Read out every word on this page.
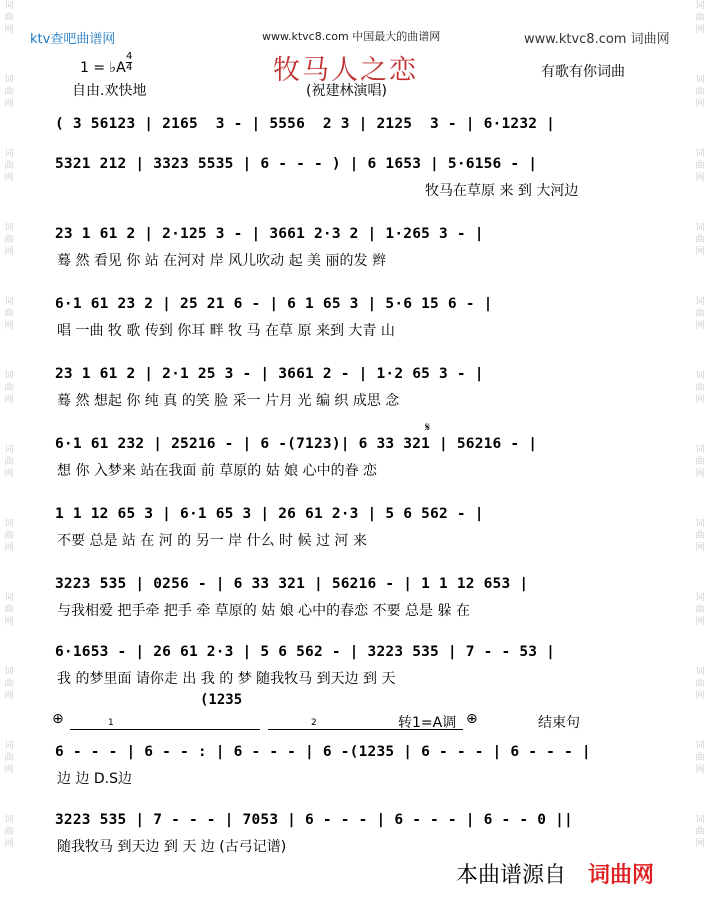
词曲网
词曲网
词曲网
词曲网
词曲网
词曲网
词曲网
词曲网
词曲网
词曲网
词曲网
词曲网
词曲网
词曲网
词曲网
词曲网
词曲网
词曲网
词曲网
词曲网
词曲网
词曲网
词曲网
词曲网
ktv查吧曲谱网	www.ktvc8.com 中国最大的曲谱网	www.ktvc8.com 词曲网
牧马人之恋
1 = ♭A
4
4
自由.欢快地	(祝建林演唱)
有歌有你词曲
( 3 56123 | 2165  3 - | 5556  2 3 | 2125  3 - | 6·1232 |
5321 212 | 3323 5535 | 6 - - - ) | 6 1653 | 5·6156 - |
牧马在草原 来 到 大河边
23 1 61 2 | 2·125 3 - | 3661 2·3 2 | 1·265 3 - |
蓦 然 看见 你 站 在河对 岸 风儿吹动 起 美 丽的发 辫
6·1 61 23 2 | 25 21 6 - | 6 1 65 3 | 5·6 15 6 - |
唱 一曲 牧 歌 传到 你耳 畔 牧 马 在草 原 来到 大青 山
23 1 61 2 | 2·1 25 3 - | 3661 2 - | 1·2 65 3 - |
蓦 然 想起 你 纯 真 的笑 脸 采一 片月 光 编 织 成思 念
𝄋
6·1 61 232 | 25216 - | 6 -(7123)| 6 33 321 | 56216 - |
想 你 入梦来 站在我面 前 草原的 姑 娘 心中的眷 恋
1 1 12 65 3 | 6·1 65 3 | 26 61 2·3 | 5 6 562 - |
不要 总是 站 在 河 的 另一 岸 什么 时 候 过 河 来
3223 535 | 0256 - | 6 33 321 | 56216 - | 1 1 12 653 |
与我相爱 把手牵 把手 牵 草原的 姑 娘 心中的春恋 不要 总是 躲 在
6·1653 - | 26 61 2·3 | 5 6 562 - | 3223 535 | 7 - - 53 |
我 的梦里面 请你走 出 我 的 梦 随我牧马 到天边 到 天
(1235
⊕	1	2	转1=A调 ⊕	结束句
6 - - - | 6 - - : | 6 - - - | 6 -(1235 | 6 - - - | 6 - - - |
边 边 D.S边
3223 535 | 7 - - - | 7053 | 6 - - - | 6 - - - | 6 - - 0 ||
随我牧马 到天边 到 天 边 (古弓记谱)
本曲谱源自 词曲网
